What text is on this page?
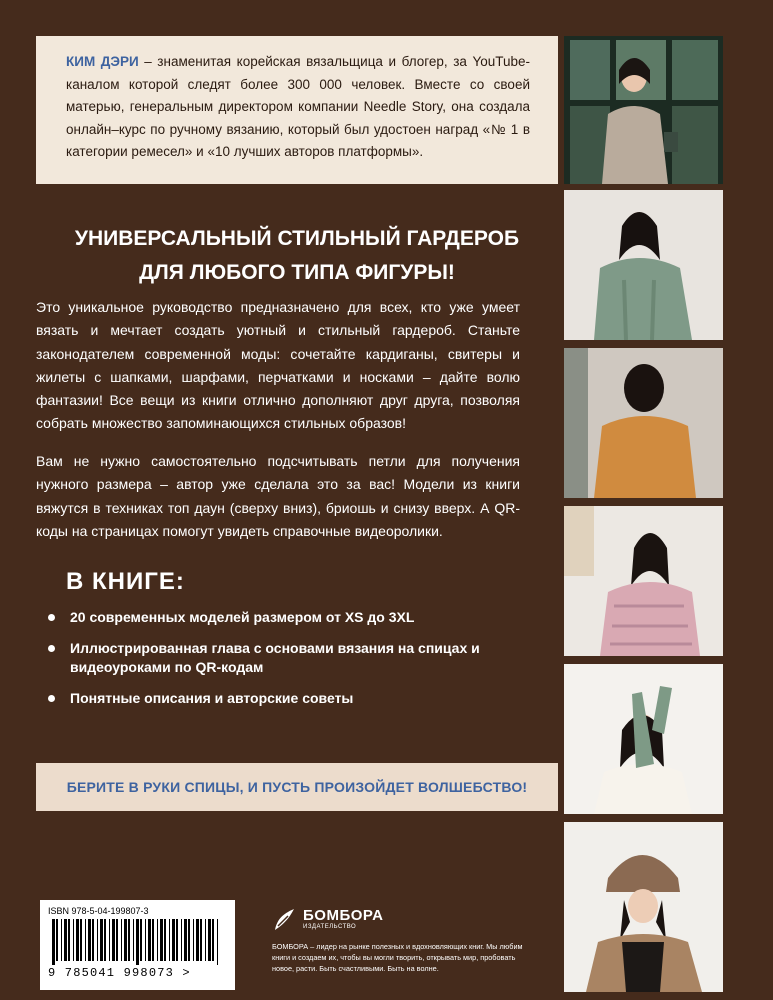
КИМ ДЭРИ – знаменитая корейская вязальщица и блогер, за YouTube-каналом которой следят более 300 000 человек. Вместе со своей матерью, генеральным директором компании Needle Story, она создала онлайн–курс по ручному вязанию, который был удостоен наград «№ 1 в категории ремесел» и «10 лучших авторов платформы».
УНИВЕРСАЛЬНЫЙ СТИЛЬНЫЙ ГАРДЕРОБ
ДЛЯ ЛЮБОГО ТИПА ФИГУРЫ!
Это уникальное руководство предназначено для всех, кто уже умеет вязать и мечтает создать уютный и стильный гардероб. Станьте законодателем современной моды: сочетайте кардиганы, свитеры и жилеты с шапками, шарфами, перчатками и носками – дайте волю фантазии! Все вещи из книги отлично дополняют друг друга, позволяя собрать множество запоминающихся стильных образов!
Вам не нужно самостоятельно подсчитывать петли для получения нужного размера – автор уже сделала это за вас! Модели из книги вяжутся в техниках топ даун (сверху вниз), бриошь и снизу вверх. А QR-коды на страницах помогут увидеть справочные видеоролики.
В КНИГЕ:
20 современных моделей размером от XS до 3XL
Иллюстрированная глава с основами вязания на спицах и видеоуроками по QR-кодам
Понятные описания и авторские советы
БЕРИТЕ В РУКИ СПИЦЫ, И ПУСТЬ ПРОИЗОЙДЕТ ВОЛШЕБСТВО!
ISBN 978-5-04-199807-3
9 785041 998073 >
БОМБОРА
ИЗДАТЕЛЬСТВО
БОМБОРА – лидер на рынке полезных и вдохновляющих книг. Мы любим книги и создаем их, чтобы вы могли творить, открывать мир, пробовать новое, расти. Быть счастливыми. Быть на волне.
